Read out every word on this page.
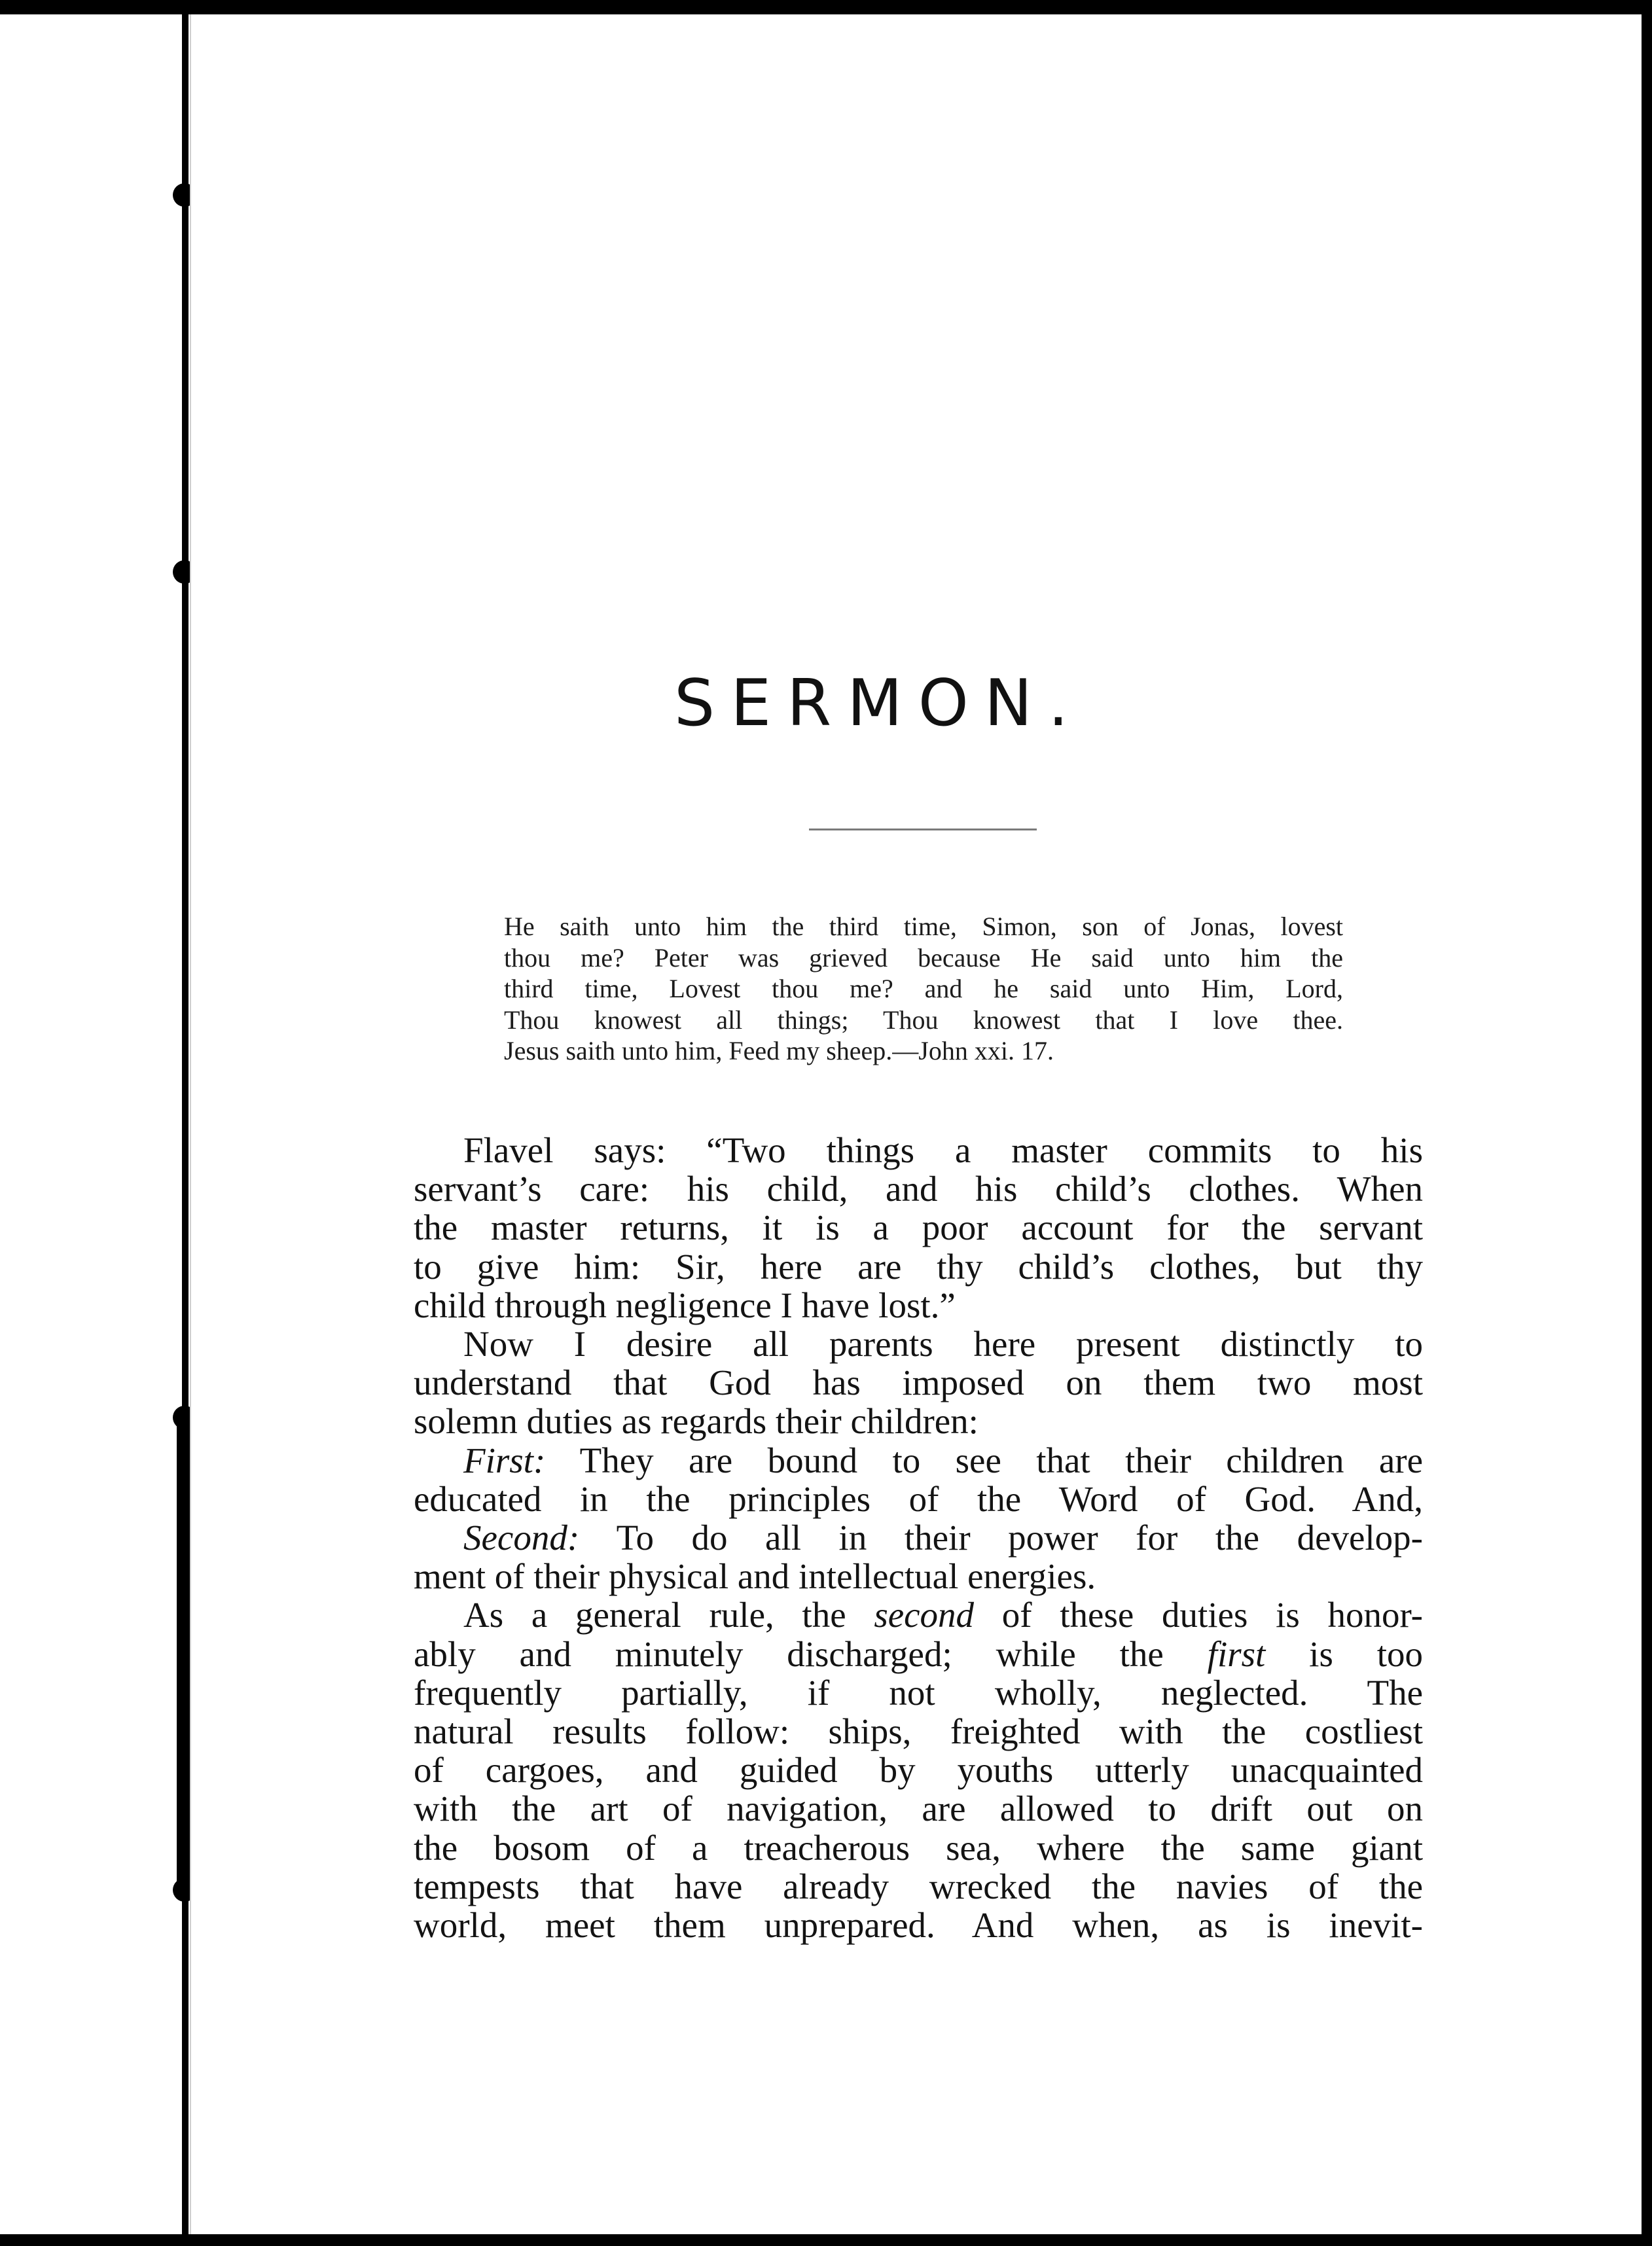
SERMON.

He saith unto him the third time, Simon, son of Jonas, lovest
thou me? Peter was grieved because He said unto him the
third time, Lovest thou me? and he said unto Him, Lord,
Thou knowest all things; Thou knowest that I love thee.
Jesus saith unto him, Feed my sheep.—John xxi. 17.

Flavel says: “Two things a master commits to his
servant’s care: his child, and his child’s clothes. When
the master returns, it is a poor account for the servant
to give him: Sir, here are thy child’s clothes, but thy
child through negligence I have lost.”
Now I desire all parents here present distinctly to
understand that God has imposed on them two most
solemn duties as regards their children:
First: They are bound to see that their children are
educated in the principles of the Word of God. And,
Second: To do all in their power for the develop-
ment of their physical and intellectual energies.
As a general rule, the second of these duties is honor-
ably and minutely discharged; while the first is too
frequently partially, if not wholly, neglected. The
natural results follow: ships, freighted with the costliest
of cargoes, and guided by youths utterly unacquainted
with the art of navigation, are allowed to drift out on
the bosom of a treacherous sea, where the same giant
tempests that have already wrecked the navies of the
world, meet them unprepared. And when, as is inevit-
